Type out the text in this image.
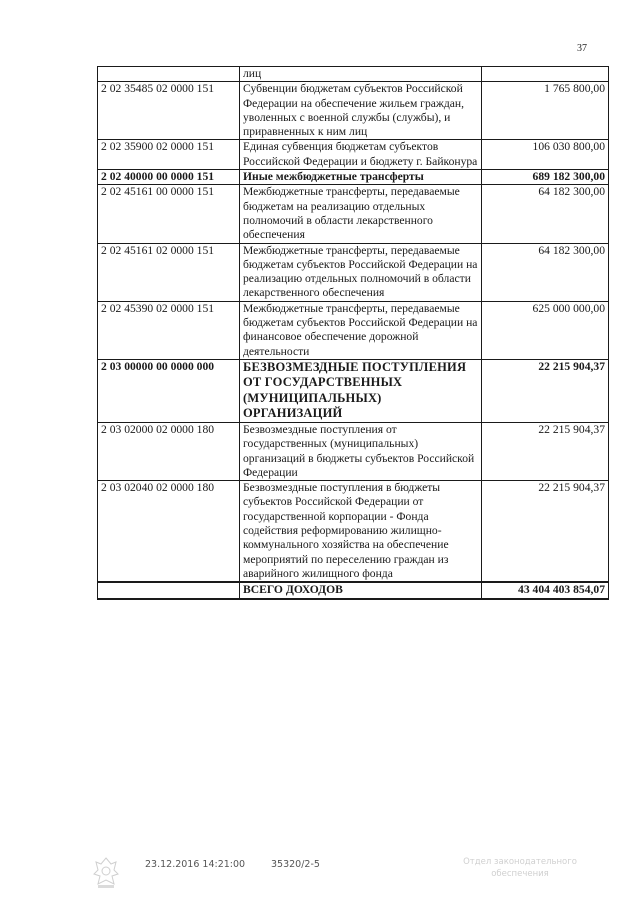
37
	лиц	
2 02 35485 02 0000 151	Субвенции бюджетам субъектов Российской Федерации на обеспечение жильем граждан, уволенных с военной службы (службы), и приравненных к ним лиц	1 765 800,00
2 02 35900 02 0000 151	Единая субвенция бюджетам субъектов Российской Федерации и бюджету г. Байконура	106 030 800,00
2 02 40000 00 0000 151	Иные межбюджетные трансферты	689 182 300,00
2 02 45161 00 0000 151	Межбюджетные трансферты, передаваемые бюджетам на реализацию отдельных полномочий в области лекарственного обеспечения	64 182 300,00
2 02 45161 02 0000 151	Межбюджетные трансферты, передаваемые бюджетам субъектов Российской Федерации на реализацию отдельных полномочий в области лекарственного обеспечения	64 182 300,00
2 02 45390 02 0000 151	Межбюджетные трансферты, передаваемые бюджетам субъектов Российской Федерации на финансовое обеспечение дорожной деятельности	625 000 000,00
2 03 00000 00 0000 000	БЕЗВОЗМЕЗДНЫЕ ПОСТУПЛЕНИЯ ОТ ГОСУДАРСТВЕННЫХ (МУНИЦИПАЛЬНЫХ) ОРГАНИЗАЦИЙ	22 215 904,37
2 03 02000 02 0000 180	Безвозмездные поступления от государственных (муниципальных) организаций в бюджеты субъектов Российской Федерации	22 215 904,37
2 03 02040 02 0000 180	Безвозмездные поступления в бюджеты субъектов Российской Федерации от государственной корпорации - Фонда содействия реформированию жилищно-коммунального хозяйства на обеспечение мероприятий по переселению граждан из аварийного жилищного фонда	22 215 904,37
	ВСЕГО ДОХОДОВ	43 404 403 854,07
23.12.2016 14:21:00	35320/2-5	Отдел законодательного
обеспечения
